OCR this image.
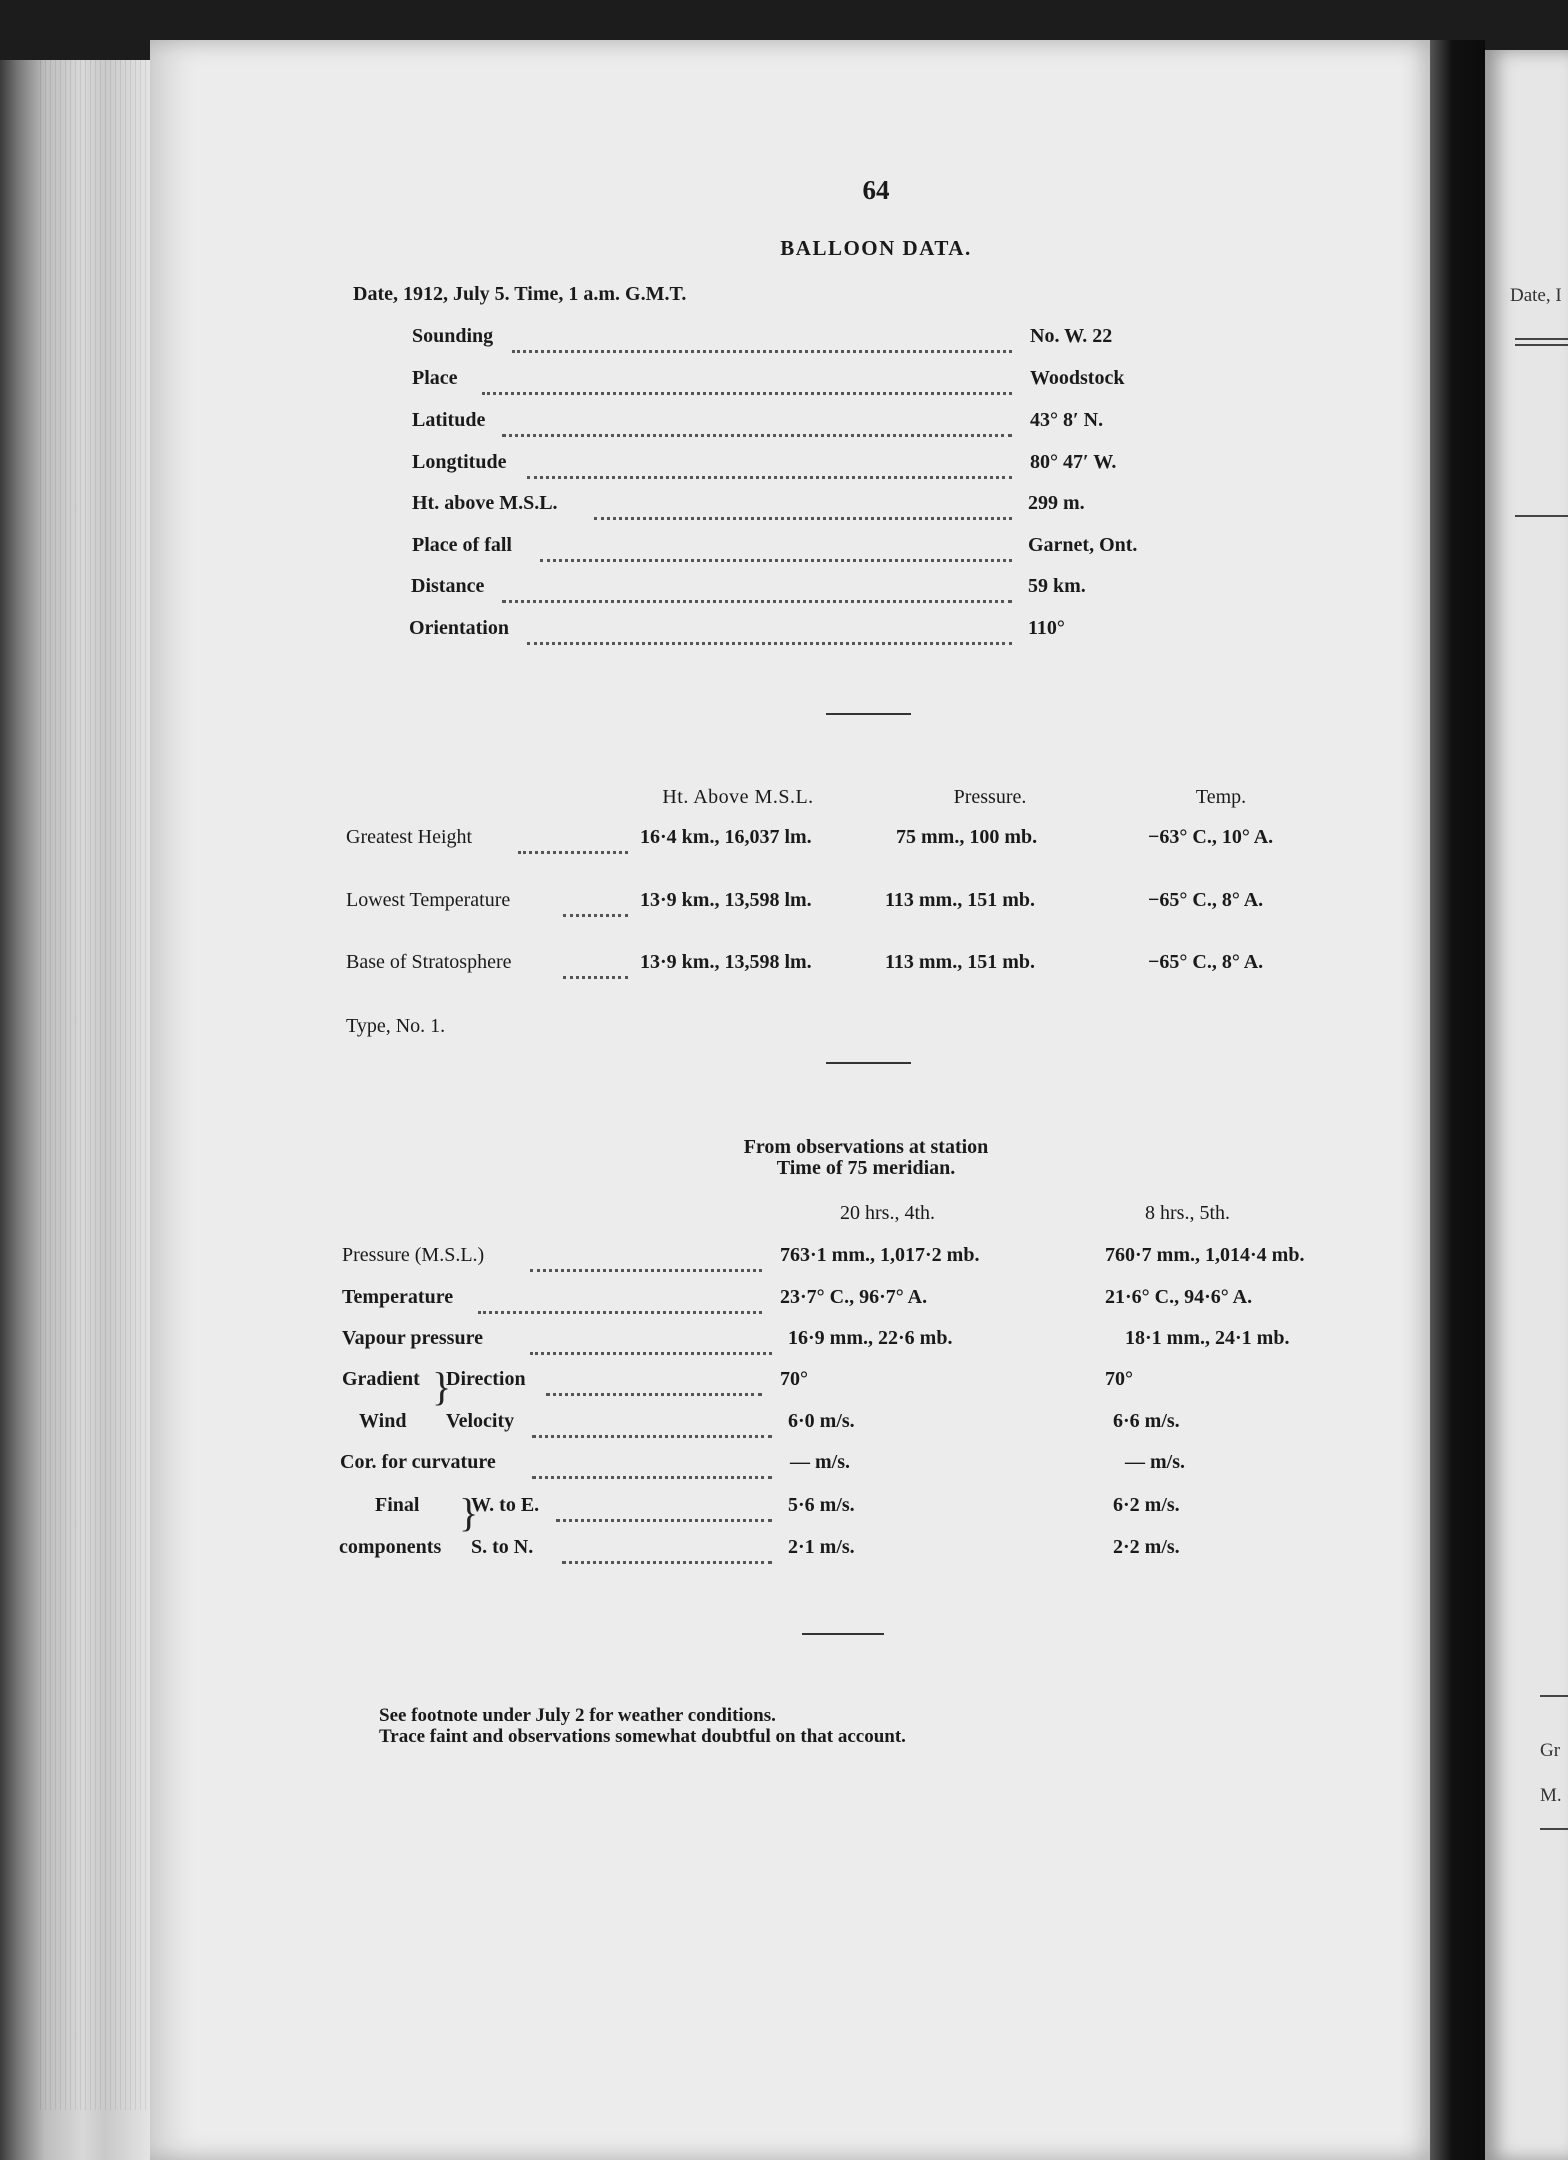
Date, I
Gr
M.
64
BALLOON DATA.
Date, 1912, July 5. Time, 1 a.m. G.M.T.
Sounding	No. W. 22
Place	Woodstock
Latitude	43° 8′ N.
Longtitude	80° 47′ W.
Ht. above M.S.L.	299 m.
Place of fall	Garnet, Ont.
Distance	59 km.
Orientation	110°
Ht. Above M.S.L.	Pressure.	Temp.
Greatest Height	16·4 km., 16,037 lm.	75 mm., 100 mb.	−63° C., 10° A.
Lowest Temperature	13·9 km., 13,598 lm.	113 mm., 151 mb.	−65° C., 8° A.
Base of Stratosphere	13·9 km., 13,598 lm.	113 mm., 151 mb.	−65° C., 8° A.
Type, No. 1.
From observations at station
Time of 75 meridian.
20 hrs., 4th.	8 hrs., 5th.
Pressure (M.S.L.)	763·1 mm., 1,017·2 mb.	760·7 mm., 1,014·4 mb.
Temperature	23·7° C., 96·7° A.	21·6° C., 94·6° A.
Vapour pressure	16·9 mm., 22·6 mb.	18·1 mm., 24·1 mb.
Gradient
Wind
}
Direction	70°	70°
Velocity	6·0 m/s.	6·6 m/s.
Cor. for curvature	— m/s.	— m/s.
Final
components
}
W. to E.	5·6 m/s.	6·2 m/s.
S. to N.	2·1 m/s.	2·2 m/s.
See footnote under July 2 for weather conditions.
Trace faint and observations somewhat doubtful on that account.
